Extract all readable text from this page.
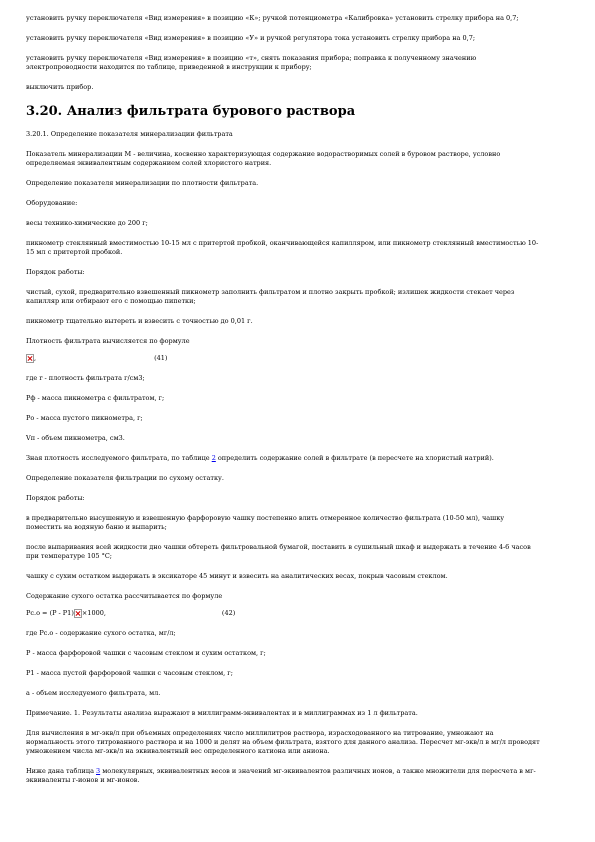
установить ручку переключателя «Вид измерения» в позицию «К»; ручкой потенциометра «Калибровка» установить стрелку прибора на 0,7;

установить ручку переключателя «Вид измерения» в позицию «У» и ручкой регулятора тока установить стрелку прибора на 0,7;

установить ручку переключателя «Вид измерения» в позицию «т», снять показания прибора; поправка к полученному значению электропроводности находится по таблице, приведенной в инструкции к прибору;

выключить прибор.

3.20. Анализ фильтрата бурового раствора

3.20.1. Определение показателя минерализации фильтрата

Показатель минерализации М - величина, косвенно характеризующая содержание водорастворимых солей в буровом растворе, условно определяемая эквивалентным содержанием солей хлористого натрия.

Определение показателя минерализации по плотности фильтрата.

Оборудование:

весы технико-химические до 200 г;

пикнометр стеклянный вместимостью 10-15 мл с притертой пробкой, оканчивающейся капилляром, или пикнометр стеклянный вместимостью 10-15 мл с притертой пробкой.

Порядок работы:

чистый, сухой, предварительно взвешенный пикнометр заполнить фильтратом и плотно закрыть пробкой; излишек жидкости стекает через капилляр или отбирают его с помощью пипетки;

пикнометр тщательно вытереть и взвесить с точностью до 0,01 г.

Плотность фильтрата вычисляется по формуле

,	(41)

где r - плотность фильтрата г/см3;

Рф - масса пикнометра с фильтратом, г;

Ро - масса пустого пикнометра, г;

Vп - объем пикнометра, см3.

Зная плотность исследуемого фильтрата, по таблице 2 определить содержание солей в фильтрате (в пересчете на хлористый натрий).

Определение показателя фильтрации по сухому остатку.

Порядок работы:

в предварительно высушенную и взвешенную фарфоровую чашку постепенно влить отмеренное количество фильтрата (10-50 мл), чашку поместить на водяную баню и выпарить;

после выпаривания всей жидкости дно чашки обтереть фильтровальной бумагой, поставить в сушильный шкаф и выдержать в течение 4-6 часов при температуре 105 °С;

чашку с сухим остатком выдержать в эксикаторе 45 минут и взвесить на аналитических весах, покрыв часовым стеклом.

Содержание сухого остатка рассчитывается по формуле

Рс.о = (Р - Р1) ×1000,	(42)

где Рс.о - содержание сухого остатка, мг/л;

Р - масса фарфоровой чашки с часовым стеклом и сухим остатком, г;

Р1 - масса пустой фарфоровой чашки с часовым стеклом, г;

а - объем исследуемого фильтрата, мл.

Примечание. 1. Результаты анализа выражают в миллиграмм-эквивалентах и в миллиграммах из 1 л фильтрата.

Для вычисления в мг-экв/л при объемных определениях число миллилитров раствора, израсходованного на титрование, умножают на нормальность этого титрованного раствора и на 1000 и делят на объем фильтрата, взятого для данного анализа. Пересчет мг-экв/л в мг/л проводят умножением числа мг-экв/л на эквивалентный вес определенного катиона или аниона.

Ниже дана таблица 3 молекулярных, эквивалентных весов и значений мг-эквивалентов различных ионов, а также множители для пересчета в мг-эквиваленты г-ионов и мг-ионов.
